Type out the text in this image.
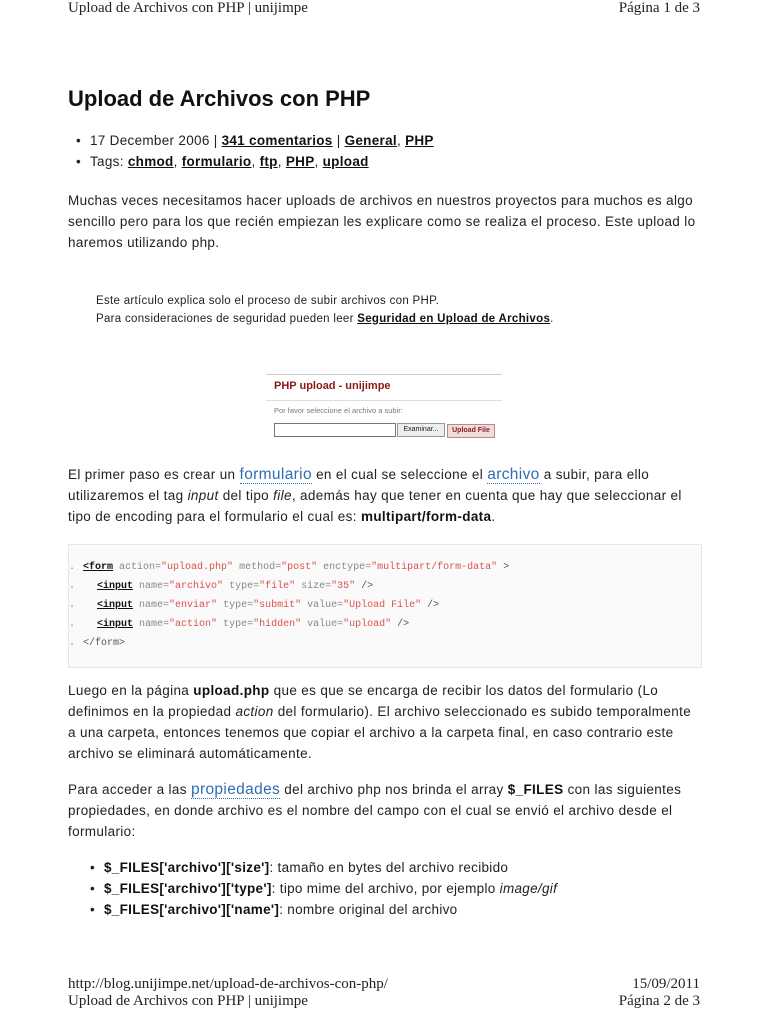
Upload de Archivos con PHP | unijimpe	Página 1 de 3
Upload de Archivos con PHP
• 17 December 2006 | 341 comentarios | General, PHP
• Tags: chmod, formulario, ftp, PHP, upload

Muchas veces necesitamos hacer uploads de archivos en nuestros proyectos para muchos es algo sencillo pero para los que recién empiezan les explicare como se realiza el proceso. Este upload lo haremos utilizando php.

Este artículo explica solo el proceso de subir archivos con PHP.
Para consideraciones de seguridad pueden leer Seguridad en Upload de Archivos.
PHP upload - unijimpe
Por favor seleccione el archivo a subir:
Examinar...	Upload File

El primer paso es crear un formulario en el cual se seleccione el archivo a subir, para ello utilizaremos el tag input del tipo file, además hay que tener en cuenta que hay que seleccionar el tipo de encoding para el formulario el cual es: multipart/form-data.

. <form action="upload.php" method="post" enctype="multipart/form-data" >
. <input name="archivo" type="file" size="35" />
. <input name="enviar" type="submit" value="Upload File" />
. <input name="action" type="hidden" value="upload" />
. </form>

Luego en la página upload.php que es que se encarga de recibir los datos del formulario (Lo definimos en la propiedad action del formulario). El archivo seleccionado es subido temporalmente a una carpeta, entonces tenemos que copiar el archivo a la carpeta final, en caso contrario este archivo se eliminará automáticamente.

Para acceder a las propiedades del archivo php nos brinda el array $_FILES con las siguientes propiedades, en donde archivo es el nombre del campo con el cual se envió el archivo desde el formulario:

• $_FILES['archivo']['size']: tamaño en bytes del archivo recibido
• $_FILES['archivo']['type']: tipo mime del archivo, por ejemplo image/gif
• $_FILES['archivo']['name']: nombre original del archivo
http://blog.unijimpe.net/upload-de-archivos-con-php/	15/09/2011
Upload de Archivos con PHP | unijimpe	Página 2 de 3
